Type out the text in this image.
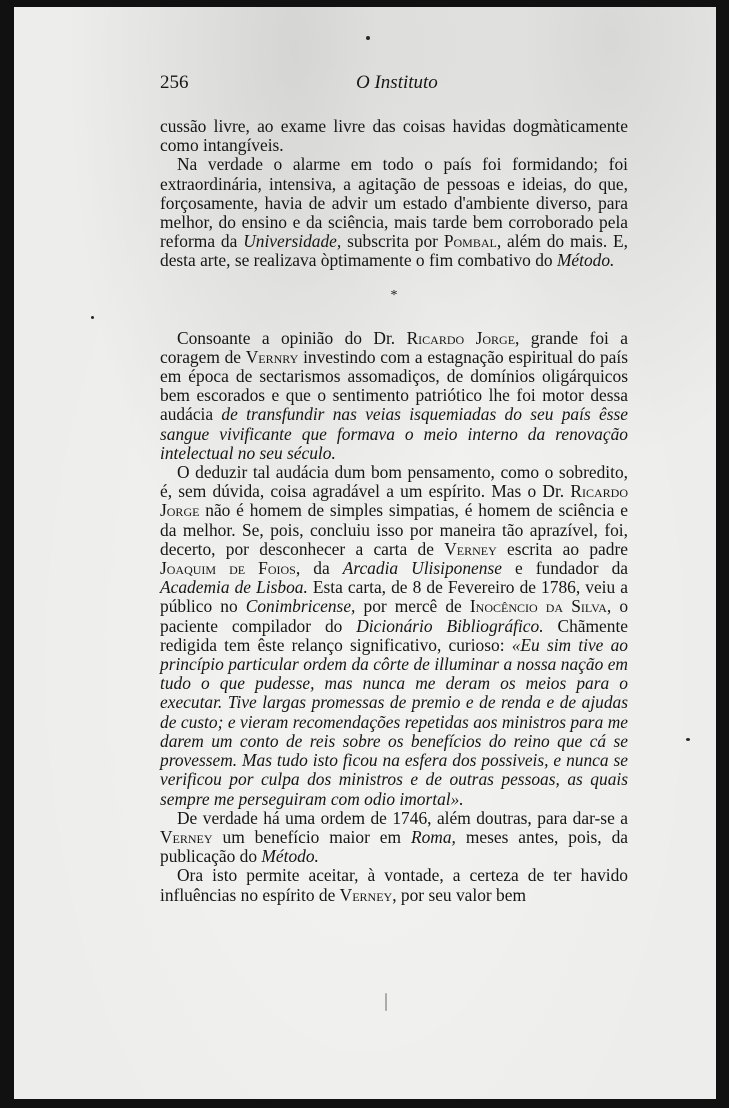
256	O Instituto

cussão livre, ao exame livre das coisas havidas dogmàticamente como intangíveis.

Na verdade o alarme em todo o país foi formidando; foi extraordinária, intensiva, a agitação de pessoas e ideias, do que, forçosamente, havia de advir um estado d'ambiente diverso, para melhor, do ensino e da sciência, mais tarde bem corroborado pela reforma da Universidade, subscrita por Pombal, além do mais. E, desta arte, se realizava òptimamente o fim combativo do Método.

*

Consoante a opinião do Dr. Ricardo Jorge, grande foi a coragem de Vernry investindo com a estagnação espiritual do país em época de sectarismos assomadiços, de domínios oligárquicos bem escorados e que o sentimento patriótico lhe foi motor dessa audácia de transfundir nas veias isquemiadas do seu país êsse sangue vivificante que formava o meio interno da renovação intelectual no seu século.

O deduzir tal audácia dum bom pensamento, como o sobredito, é, sem dúvida, coisa agradável a um espírito. Mas o Dr. Ricardo Jorge não é homem de simples simpatias, é homem de sciência e da melhor. Se, pois, concluiu isso por maneira tão aprazível, foi, decerto, por desconhecer a carta de Verney escrita ao padre Joaquim de Foios, da Arcadia Ulisiponense e fundador da Academia de Lisboa. Esta carta, de 8 de Fevereiro de 1786, veiu a público no Conimbricense, por mercê de Inocêncio da Silva, o paciente compilador do Dicionário Bibliográfico. Chãmente redigida tem êste relanço significativo, curioso: «Eu sim tive ao princípio particular ordem da côrte de illuminar a nossa nação em tudo o que pudesse, mas nunca me deram os meios para o executar. Tive largas promessas de premio e de renda e de ajudas de custo; e vieram recomendações repetidas aos ministros para me darem um conto de reis sobre os benefícios do reino que cá se provessem. Mas tudo isto ficou na esfera dos possiveis, e nunca se verificou por culpa dos ministros e de outras pessoas, as quais sempre me perseguiram com odio imortal».

De verdade há uma ordem de 1746, além doutras, para dar-se a Verney um benefício maior em Roma, meses antes, pois, da publicação do Método.

Ora isto permite aceitar, à vontade, a certeza de ter havido influências no espírito de Verney, por seu valor bem
